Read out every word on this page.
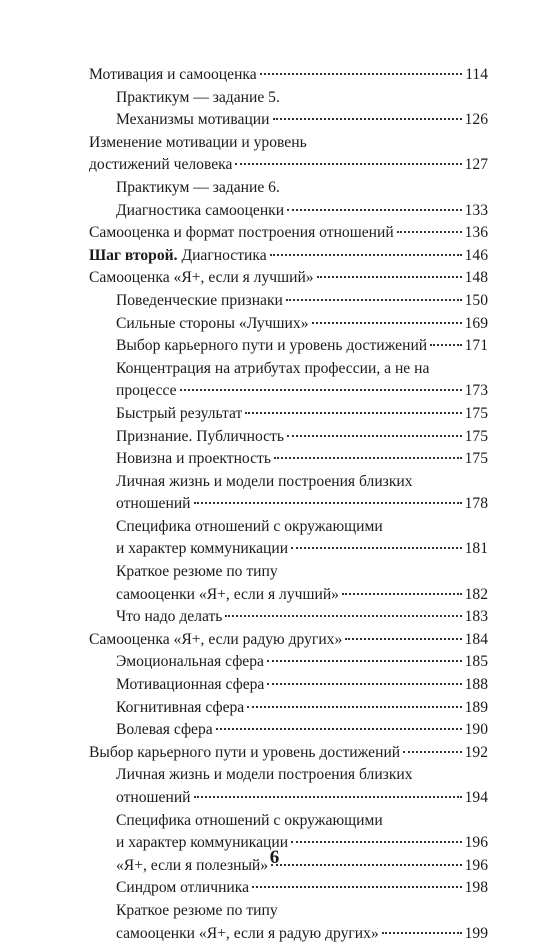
Мотивация и самооценка	114
Практикум — задание 5.
Механизмы мотивации	126
Изменение мотивации и уровень
достижений человека	127
Практикум — задание 6.
Диагностика самооценки	133
Самооценка и формат построения отношений	136
Шаг второй. Диагностика	146
Самооценка «Я+, если я лучший»	148
Поведенческие признаки	150
Сильные стороны «Лучших»	169
Выбор карьерного пути и уровень достижений 171
Концентрация на атрибутах профессии, а не на
процессе	173
Быстрый результат	175
Признание. Публичность	175
Новизна и проектность	175
Личная жизнь и модели построения близких
отношений	178
Специфика отношений с окружающими
и характер коммуникации	181
Краткое резюме по типу
самооценки «Я+, если я лучший»	182
Что надо делать	183
Самооценка «Я+, если радую других»	184
Эмоциональная сфера	185
Мотивационная сфера	188
Когнитивная сфера	189
Волевая сфера	190
Выбор карьерного пути и уровень достижений	192
Личная жизнь и модели построения близких
отношений	194
Специфика отношений с окружающими
и характер коммуникации	196
«Я+, если я полезный»	196
Синдром отличника	198
Краткое резюме по типу
самооценки «Я+, если я радую других»	199
6
